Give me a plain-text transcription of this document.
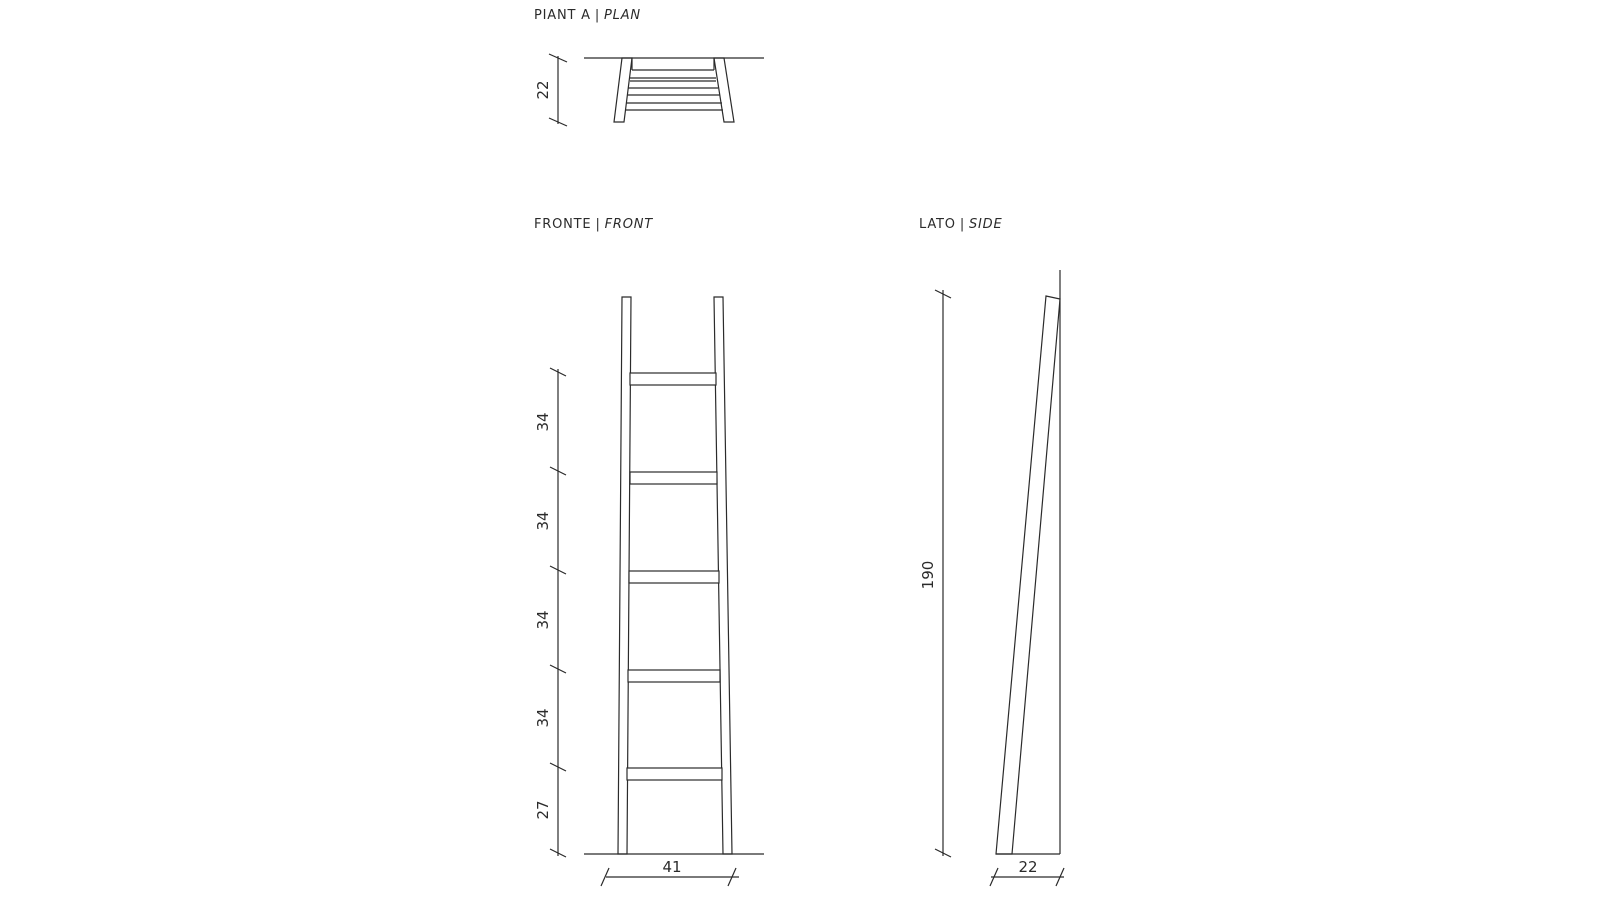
PIANT A | PLAN
FRONTE | FRONT	LATO | SIDE
22
34
34
34
34
27
41
190
22
